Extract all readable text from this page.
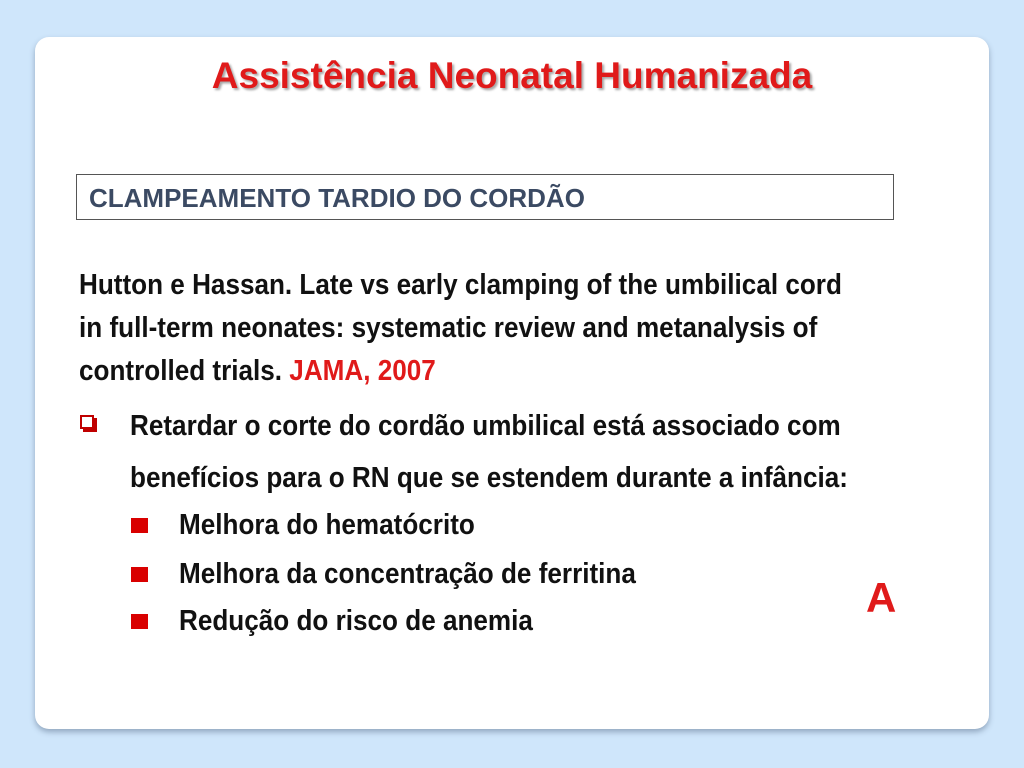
Assistência Neonatal Humanizada
CLAMPEAMENTO TARDIO DO CORDÃO
Hutton e Hassan. Late vs early clamping of the umbilical cord
in full-term neonates: systematic review and metanalysis of
controlled trials. JAMA, 2007
Retardar o corte do cordão umbilical está associado com
benefícios para o RN que se estendem durante a infância:
Melhora do hematócrito
Melhora da concentração de ferritina
Redução do risco de anemia	A
